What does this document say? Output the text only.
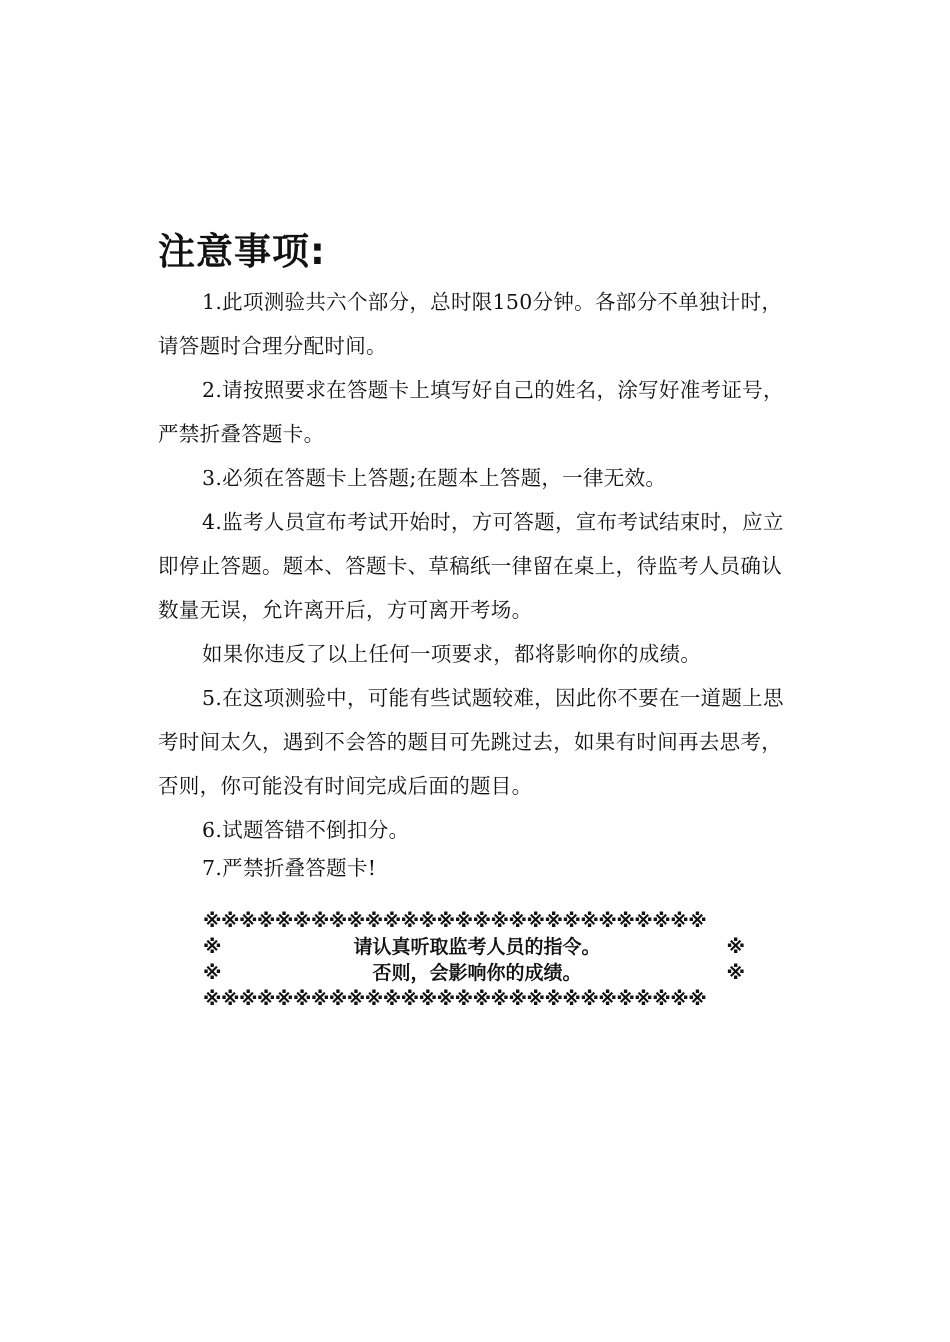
注意事项:

1.此项测验共六个部分，总时限150分钟。各部分不单独计时，请答题时合理分配时间。

2.请按照要求在答题卡上填写好自己的姓名，涂写好准考证号，严禁折叠答题卡。

3.必须在答题卡上答题;在题本上答题，一律无效。

4.监考人员宣布考试开始时，方可答题，宣布考试结束时，应立即停止答题。题本、答题卡、草稿纸一律留在桌上，待监考人员确认数量无误，允许离开后，方可离开考场。

如果你违反了以上任何一项要求，都将影响你的成绩。

5.在这项测验中，可能有些试题较难，因此你不要在一道题上思考时间太久，遇到不会答的题目可先跳过去，如果有时间再去思考，否则，你可能没有时间完成后面的题目。

6.试题答错不倒扣分。

7.严禁折叠答题卡!

※※※※※※※※※※※※※※※※※※※※※※※※※※※※
※	请认真听取监考人员的指令。	※
※	否则，会影响你的成绩。	※
※※※※※※※※※※※※※※※※※※※※※※※※※※※※
